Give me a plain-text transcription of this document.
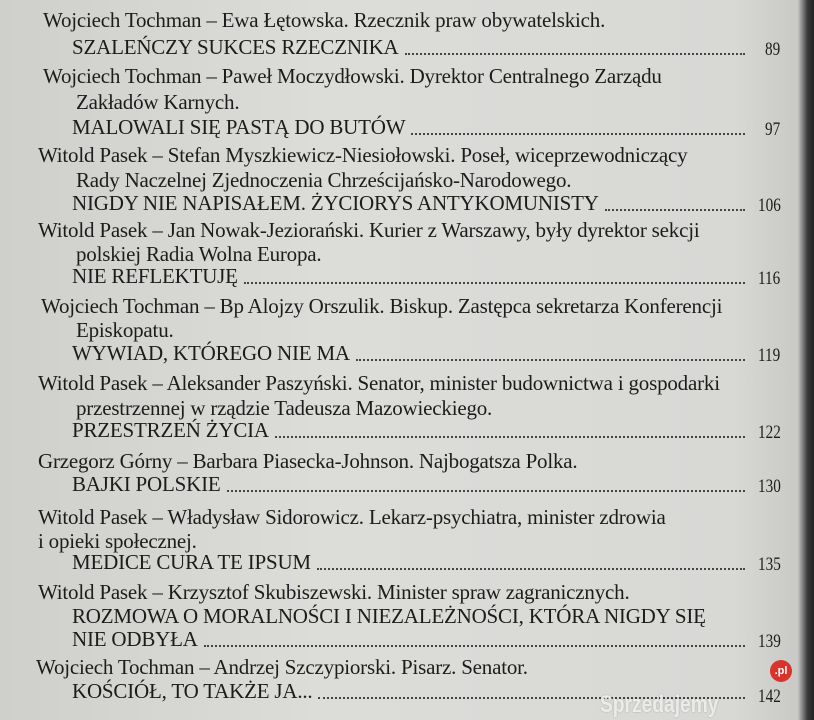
Wojciech Tochman – Ewa Łętowska. Rzecznik praw obywatelskich.
SZALEŃCZY SUKCES RZECZNIKA	89
Wojciech Tochman – Paweł Moczydłowski. Dyrektor Centralnego Zarządu
Zakładów Karnych.
MALOWALI SIĘ PASTĄ DO BUTÓW	97
Witold Pasek – Stefan Myszkiewicz-Niesiołowski. Poseł, wiceprzewodniczący
Rady Naczelnej Zjednoczenia Chrześcijańsko-Narodowego.
NIGDY NIE NAPISAŁEM. ŻYCIORYS ANTYKOMUNISTY	106
Witold Pasek – Jan Nowak-Jeziorański. Kurier z Warszawy, były dyrektor sekcji
polskiej Radia Wolna Europa.
NIE REFLEKTUJĘ	116
Wojciech Tochman – Bp Alojzy Orszulik. Biskup. Zastępca sekretarza Konferencji
Episkopatu.
WYWIAD, KTÓREGO NIE MA	119
Witold Pasek – Aleksander Paszyński. Senator, minister budownictwa i gospodarki
przestrzennej w rządzie Tadeusza Mazowieckiego.
PRZESTRZEŃ ŻYCIA	122
Grzegorz Górny – Barbara Piasecka-Johnson. Najbogatsza Polka.
BAJKI POLSKIE	130
Witold Pasek – Władysław Sidorowicz. Lekarz-psychiatra, minister zdrowia
i opieki społecznej.
MEDICE CURA TE IPSUM	135
Witold Pasek – Krzysztof Skubiszewski. Minister spraw zagranicznych.
ROZMOWA O MORALNOŚCI I NIEZALEŻNOŚCI, KTÓRA NIGDY SIĘ
NIE ODBYŁA	139
Wojciech Tochman – Andrzej Szczypiorski. Pisarz. Senator.
KOŚCIÓŁ, TO TAKŻE JA...	142
Sprzedajemy
.pl
